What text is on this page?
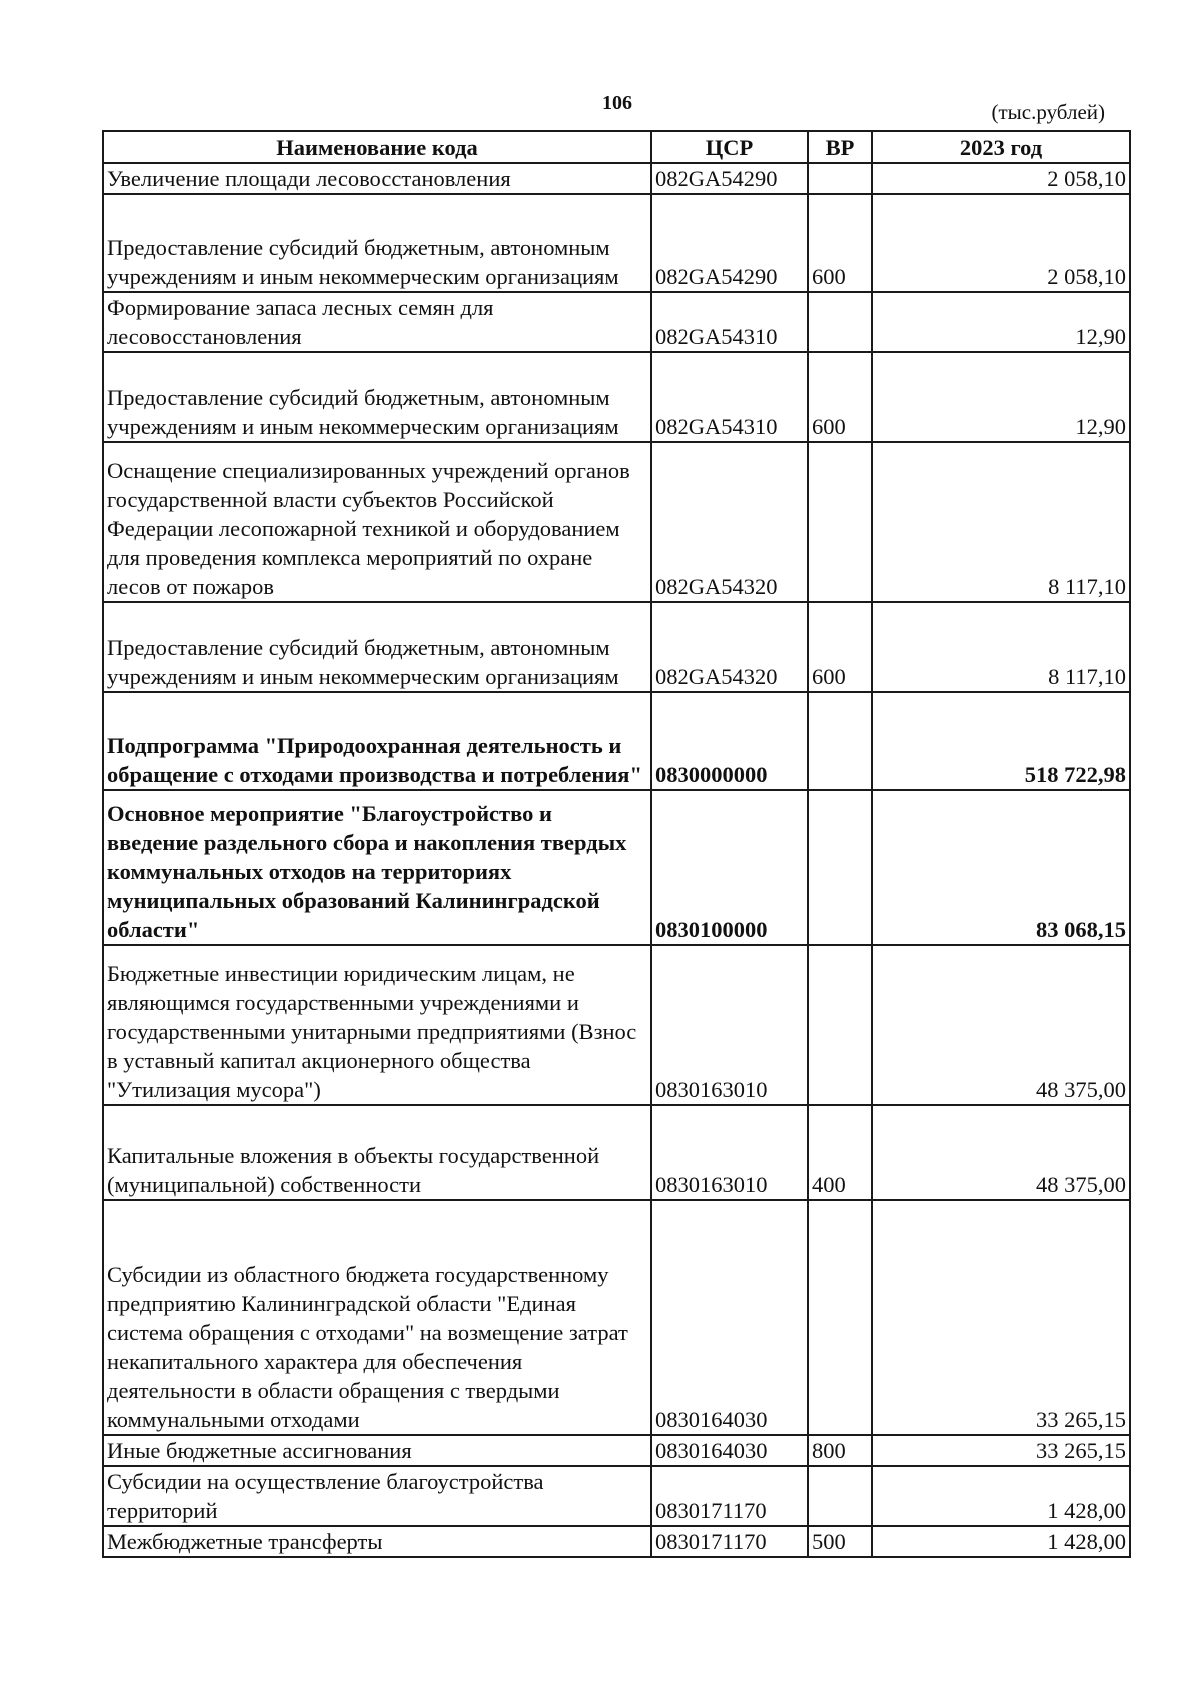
106	(тыс.рублей)
Наименование кода	ЦСР	ВР	2023 год
Увеличение площади лесовосстановления	082GA54290		2 058,10
Предоставление субсидий бюджетным, автономным учреждениям и иным некоммерческим организациям	082GA54290	600	2 058,10
Формирование запаса лесных семян для лесовосстановления	082GA54310		12,90
Предоставление субсидий бюджетным, автономным учреждениям и иным некоммерческим организациям	082GA54310	600	12,90
Оснащение специализированных учреждений органов государственной власти субъектов Российской Федерации лесопожарной техникой и оборудованием для проведения комплекса мероприятий по охране лесов от пожаров	082GA54320		8 117,10
Предоставление субсидий бюджетным, автономным учреждениям и иным некоммерческим организациям	082GA54320	600	8 117,10
Подпрограмма "Природоохранная деятельность и обращение с отходами производства и потребления"	0830000000		518 722,98
Основное мероприятие "Благоустройство и введение раздельного сбора и накопления твердых коммунальных отходов на территориях муниципальных образований Калининградской области"	0830100000		83 068,15
Бюджетные инвестиции юридическим лицам, не являющимся государственными учреждениями и государственными унитарными предприятиями (Взнос в уставный капитал акционерного общества "Утилизация мусора")	0830163010		48 375,00
Капитальные вложения в объекты государственной (муниципальной) собственности	0830163010	400	48 375,00
Субсидии из областного бюджета государственному предприятию Калининградской области "Единая система обращения с отходами" на возмещение затрат некапитального характера для обеспечения деятельности в области обращения с твердыми коммунальными отходами	0830164030		33 265,15
Иные бюджетные ассигнования	0830164030	800	33 265,15
Субсидии на осуществление благоустройства территорий	0830171170		1 428,00
Межбюджетные трансферты	0830171170	500	1 428,00
